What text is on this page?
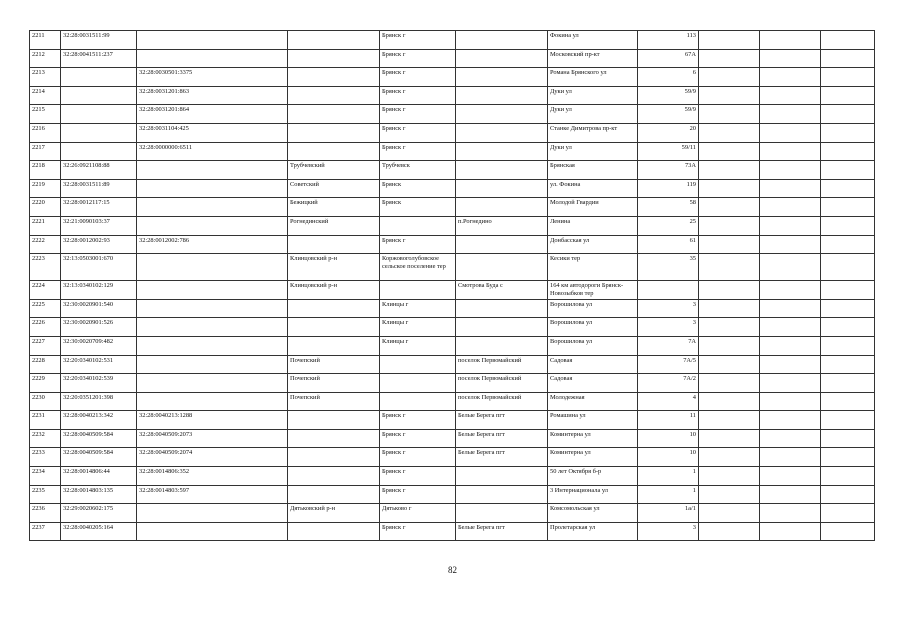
2211	32:28:0031511:99			Брянск г		Фокина ул	113			
2212	32:28:0041511:237			Брянск г		Московский пр-кт	67А			
2213		32:28:0030501:3375		Брянск г		Романа Брянского ул	6			
2214		32:28:0031201:863		Брянск г		Дуки ул	59/9			
2215		32:28:0031201:864		Брянск г		Дуки ул	59/9			
2216		32:28:0031104:425		Брянск г		Станке Димитрова пр-кт	20			
2217		32:28:0000000:6511		Брянск г		Дуки ул	59/11			
2218	32:26:0921108:88		Трубчевский	Трубчевск		Брянская	73А			
2219	32:28:0031511:89		Советский	Брянск		ул. Фокина	119			
2220	32:28:0012117:15		Бежицкий	Брянск		Молодой Гвардии	58			
2221	32:21:0090103:37		Рогнединский		п.Рогнедино	Ленина	25			
2222	32:28:0012002:93	32:28:0012002:786		Брянск г		Донбасская ул	61			
2223	32:13:0503001:670		Клинцовский р-н	Коржовоголубовское сельское поселение тер		Кесики тер	35			
2224	32:13:0340102:129		Клинцовский р-н		Смотрова Буда с	164 км автодороги Брянск-Новозыбков тер				
2225	32:30:0020901:540			Клинцы г		Ворошилова ул	3			
2226	32:30:0020901:526			Клинцы г		Ворошилова ул	3			
2227	32:30:0020709:482			Клинцы г		Ворошилова ул	7А			
2228	32:20:0340102:531		Почепский		поселок Первомайский	Садовая	7А/5			
2229	32:20:0340102:539		Почепский		поселок Первомайский	Садовая	7А/2			
2230	32:20:0351201:398		Почепский		поселок Первомайский	Молодежная	4			
2231	32:28:0040213:342	32:28:0040213:1288		Брянск г	Белые Берега пгт	Ромашина ул	11			
2232	32:28:0040509:584	32:28:0040509:2073		Брянск г	Белые Берега пгт	Коминтерна ул	10			
2233	32:28:0040509:584	32:28:0040509:2074		Брянск г	Белые Берега пгт	Коминтерна ул	10			
2234	32:28:0014806:44	32:28:0014806:352		Брянск г		50 лет Октября б-р	1			
2235	32:28:0014803:135	32:28:0014803:597		Брянск г		3 Интернационала ул	1			
2236	32:29:0020602:175		Дятьковский р-н	Дятьково г		Комсомольская ул	1а/1			
2237	32:28:0040205:164			Брянск г	Белые Берега пгт	Пролетарская ул	3			
82
